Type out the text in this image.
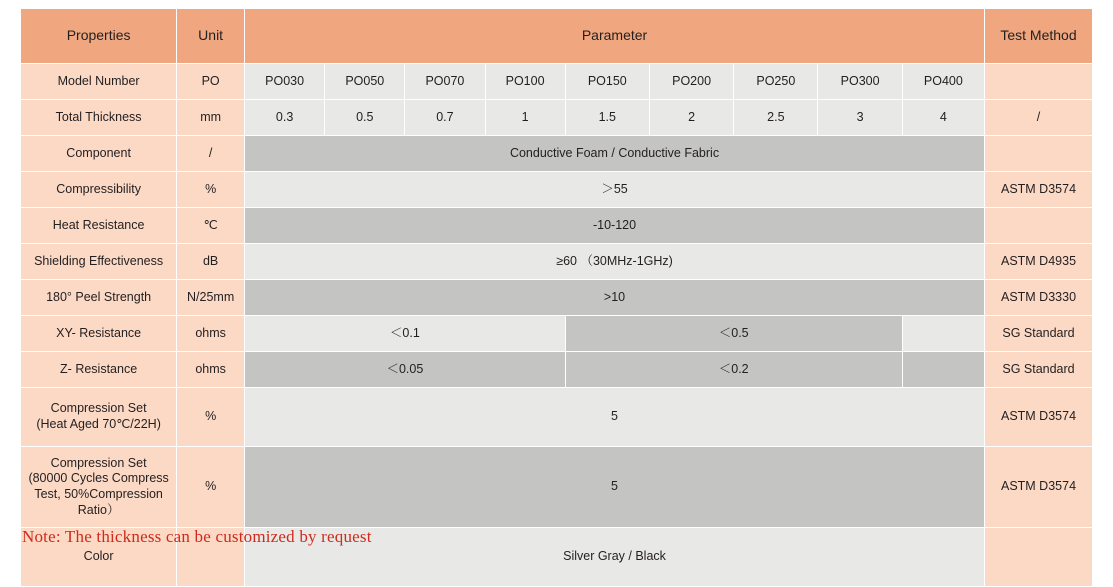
Properties	Unit	Parameter									Test Method
Model Number	PO	PO030	PO050	PO070	PO100	PO150	PO200	PO250	PO300	PO400	
Total Thickness	mm	0.3	0.5	0.7	1	1.5	2	2.5	3	4	/
Component	/	Conductive Foam / Conductive Fabric									
Compressibility	%	＞55									ASTM D3574
Heat Resistance	℃	-10-120									
Shielding Effectiveness	dB	≥60 （30MHz-1GHz)									ASTM D4935
180° Peel Strength	N/25mm	>10									ASTM D3330
XY- Resistance	ohms	＜0.1				＜0.5					SG Standard
Z- Resistance	ohms	＜0.05				＜0.2					SG Standard

Compression Set
(Heat Aged 70℃/22H)	%	5									ASTM D3574

Compression Set
(80000 Cycles Compress
Test, 50%Compression
Ratio）	%	5									ASTM D3574
Color		Silver Gray / Black									
Note: The thickness can be customized by request
